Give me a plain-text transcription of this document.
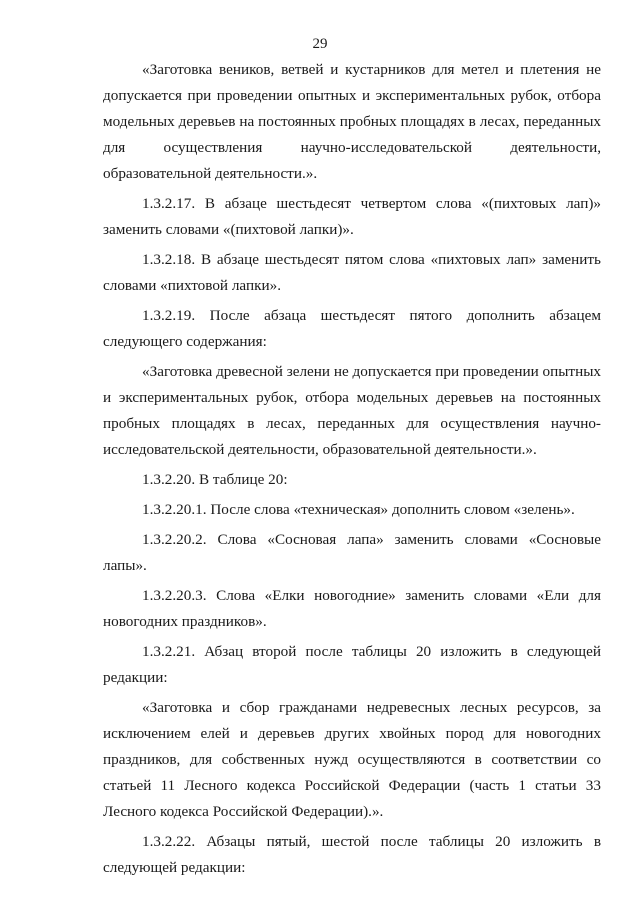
29

«Заготовка веников, ветвей и кустарников для метел и плетения не допускается при проведении опытных и экспериментальных рубок, отбора модельных деревьев на постоянных пробных площадях в лесах, переданных для осуществления научно-исследовательской деятельности, образовательной деятельности.».

1.3.2.17. В абзаце шестьдесят четвертом слова «(пихтовых лап)» заменить словами «(пихтовой лапки)».

1.3.2.18. В абзаце шестьдесят пятом слова «пихтовых лап» заменить словами «пихтовой лапки».

1.3.2.19. После абзаца шестьдесят пятого дополнить абзацем следующего содержания:

«Заготовка древесной зелени не допускается при проведении опытных и экспериментальных рубок, отбора модельных деревьев на постоянных пробных площадях в лесах, переданных для осуществления научно-исследовательской деятельности, образовательной деятельности.».

1.3.2.20. В таблице 20:

1.3.2.20.1. После слова «техническая» дополнить словом «зелень».

1.3.2.20.2. Слова «Сосновая лапа» заменить словами «Сосновые лапы».

1.3.2.20.3. Слова «Елки новогодние» заменить словами «Ели для новогодних праздников».

1.3.2.21. Абзац второй после таблицы 20 изложить в следующей редакции:

«Заготовка и сбор гражданами недревесных лесных ресурсов, за исключением елей и деревьев других хвойных пород для новогодних праздников, для собственных нужд осуществляются в соответствии со статьей 11 Лесного кодекса Российской Федерации (часть 1 статьи 33 Лесного кодекса Российской Федерации).».

1.3.2.22. Абзацы пятый, шестой после таблицы 20 изложить в следующей редакции:
